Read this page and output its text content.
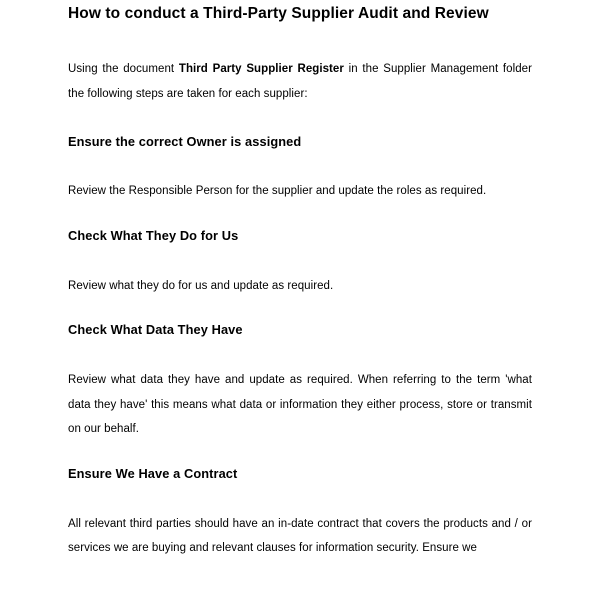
How to conduct a Third-Party Supplier Audit and Review

Using the document Third Party Supplier Register in the Supplier Management folder the following steps are taken for each supplier:

Ensure the correct Owner is assigned

Review the Responsible Person for the supplier and update the roles as required.

Check What They Do for Us

Review what they do for us and update as required.

Check What Data They Have

Review what data they have and update as required. When referring to the term 'what data they have' this means what data or information they either process, store or transmit on our behalf.

Ensure We Have a Contract

All relevant third parties should have an in-date contract that covers the products and / or services we are buying and relevant clauses for information security. Ensure we
